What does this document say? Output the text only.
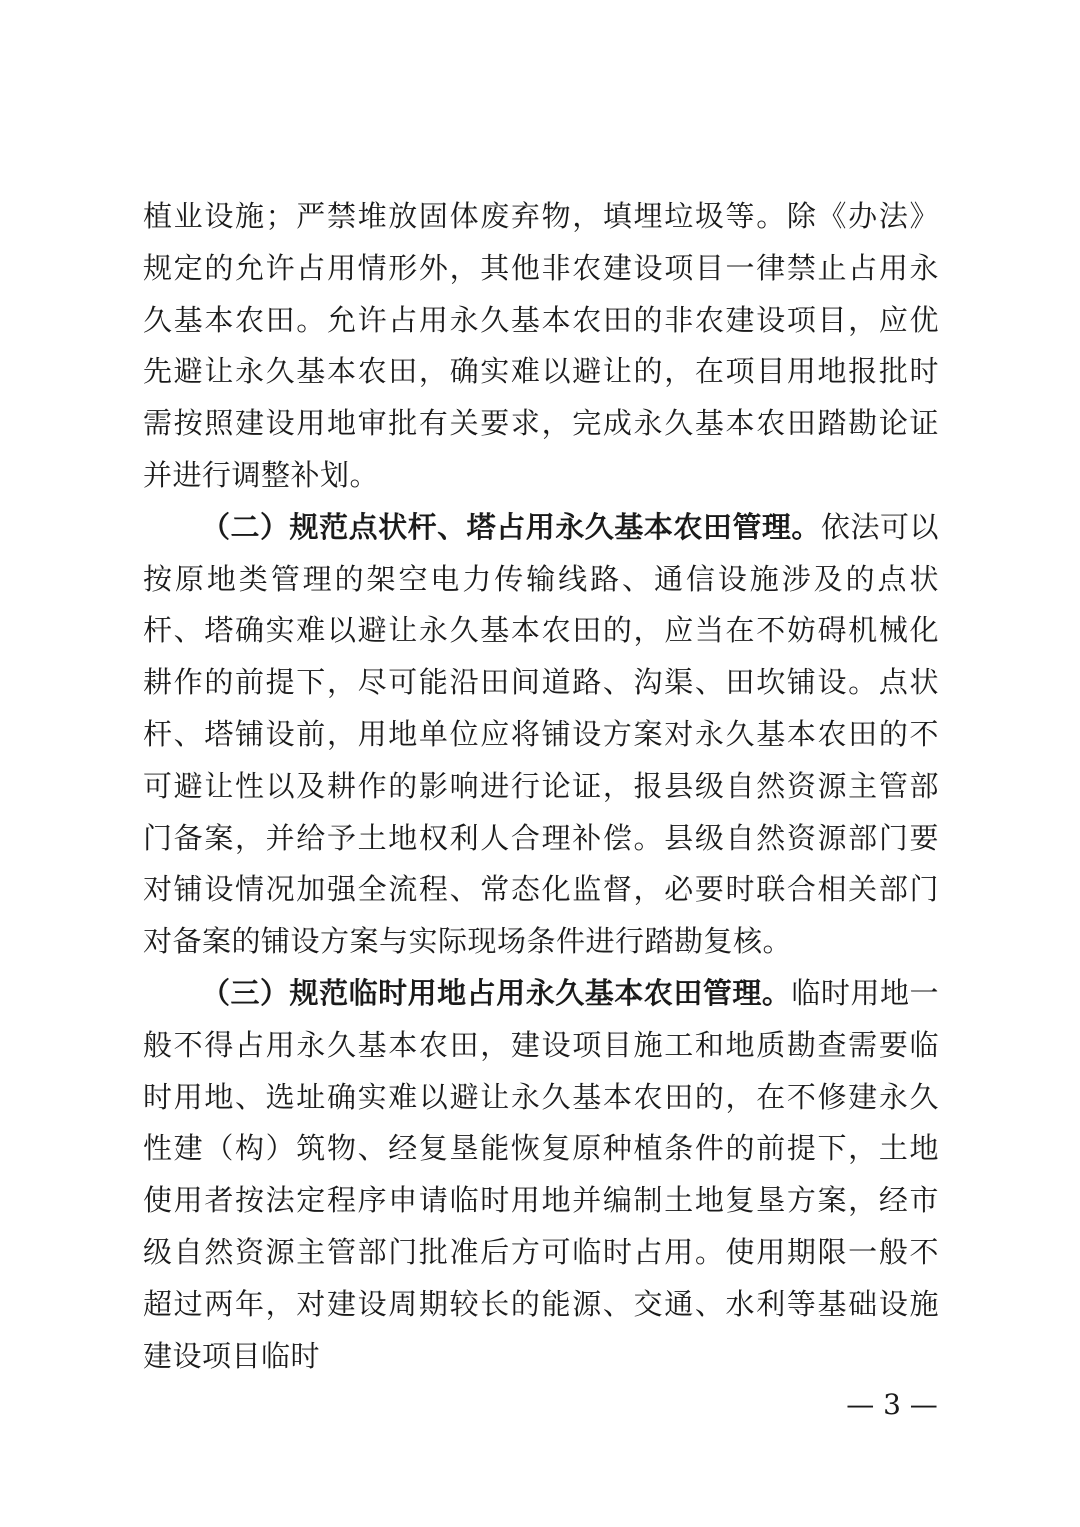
植业设施；严禁堆放固体废弃物，填埋垃圾等。除《办法》规定的允许占用情形外，其他非农建设项目一律禁止占用永久基本农田。允许占用永久基本农田的非农建设项目，应优先避让永久基本农田，确实难以避让的，在项目用地报批时需按照建设用地审批有关要求，完成永久基本农田踏勘论证并进行调整补划。

（二）规范点状杆、塔占用永久基本农田管理。依法可以按原地类管理的架空电力传输线路、通信设施涉及的点状杆、塔确实难以避让永久基本农田的，应当在不妨碍机械化耕作的前提下，尽可能沿田间道路、沟渠、田坎铺设。点状杆、塔铺设前，用地单位应将铺设方案对永久基本农田的不可避让性以及耕作的影响进行论证，报县级自然资源主管部门备案，并给予土地权利人合理补偿。县级自然资源部门要对铺设情况加强全流程、常态化监督，必要时联合相关部门对备案的铺设方案与实际现场条件进行踏勘复核。

（三）规范临时用地占用永久基本农田管理。临时用地一般不得占用永久基本农田，建设项目施工和地质勘查需要临时用地、选址确实难以避让永久基本农田的，在不修建永久性建（构）筑物、经复垦能恢复原种植条件的前提下，土地使用者按法定程序申请临时用地并编制土地复垦方案，经市级自然资源主管部门批准后方可临时占用。使用期限一般不超过两年，对建设周期较长的能源、交通、水利等基础设施建设项目临时

— 3 —
